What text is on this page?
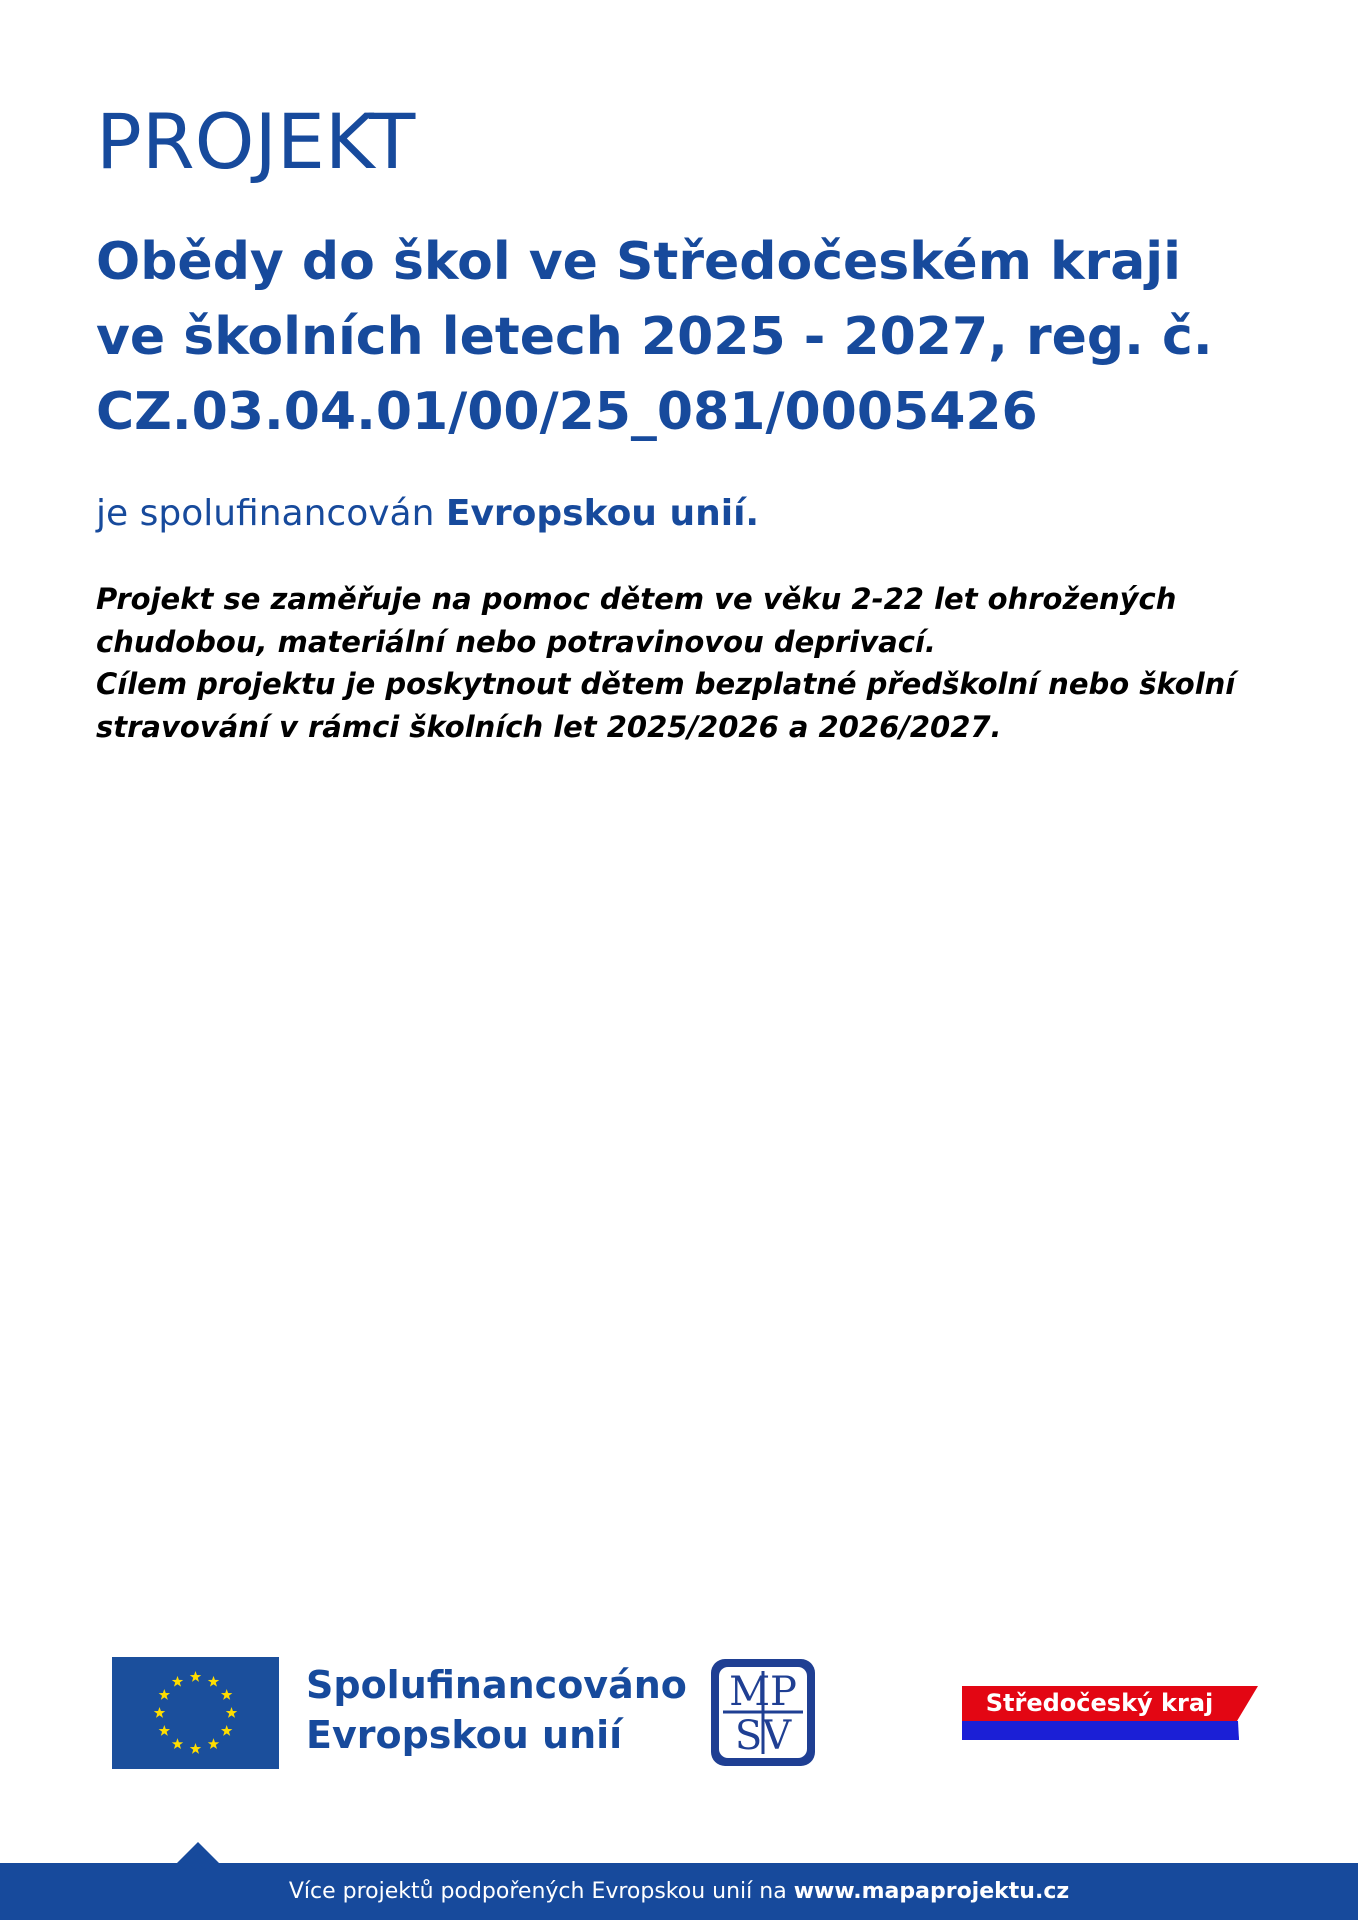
PROJEKT
Obědy do škol ve Středočeském kraji
ve školních letech 2025 - 2027, reg. č.
CZ.03.04.01/00/25_081/0005426
je spolufinancován Evropskou unií.
Projekt se zaměřuje na pomoc dětem ve věku 2-22 let ohrožených
chudobou, materiální nebo potravinovou deprivací.
Cílem projektu je poskytnout dětem bezplatné předškolní nebo školní
stravování v rámci školních let 2025/2026 a 2026/2027.
Spolufinancováno
Evropskou unií
MP
SV
Středočeský kraj
Více projektů podpořených Evropskou unií na www.mapaprojektu.cz
